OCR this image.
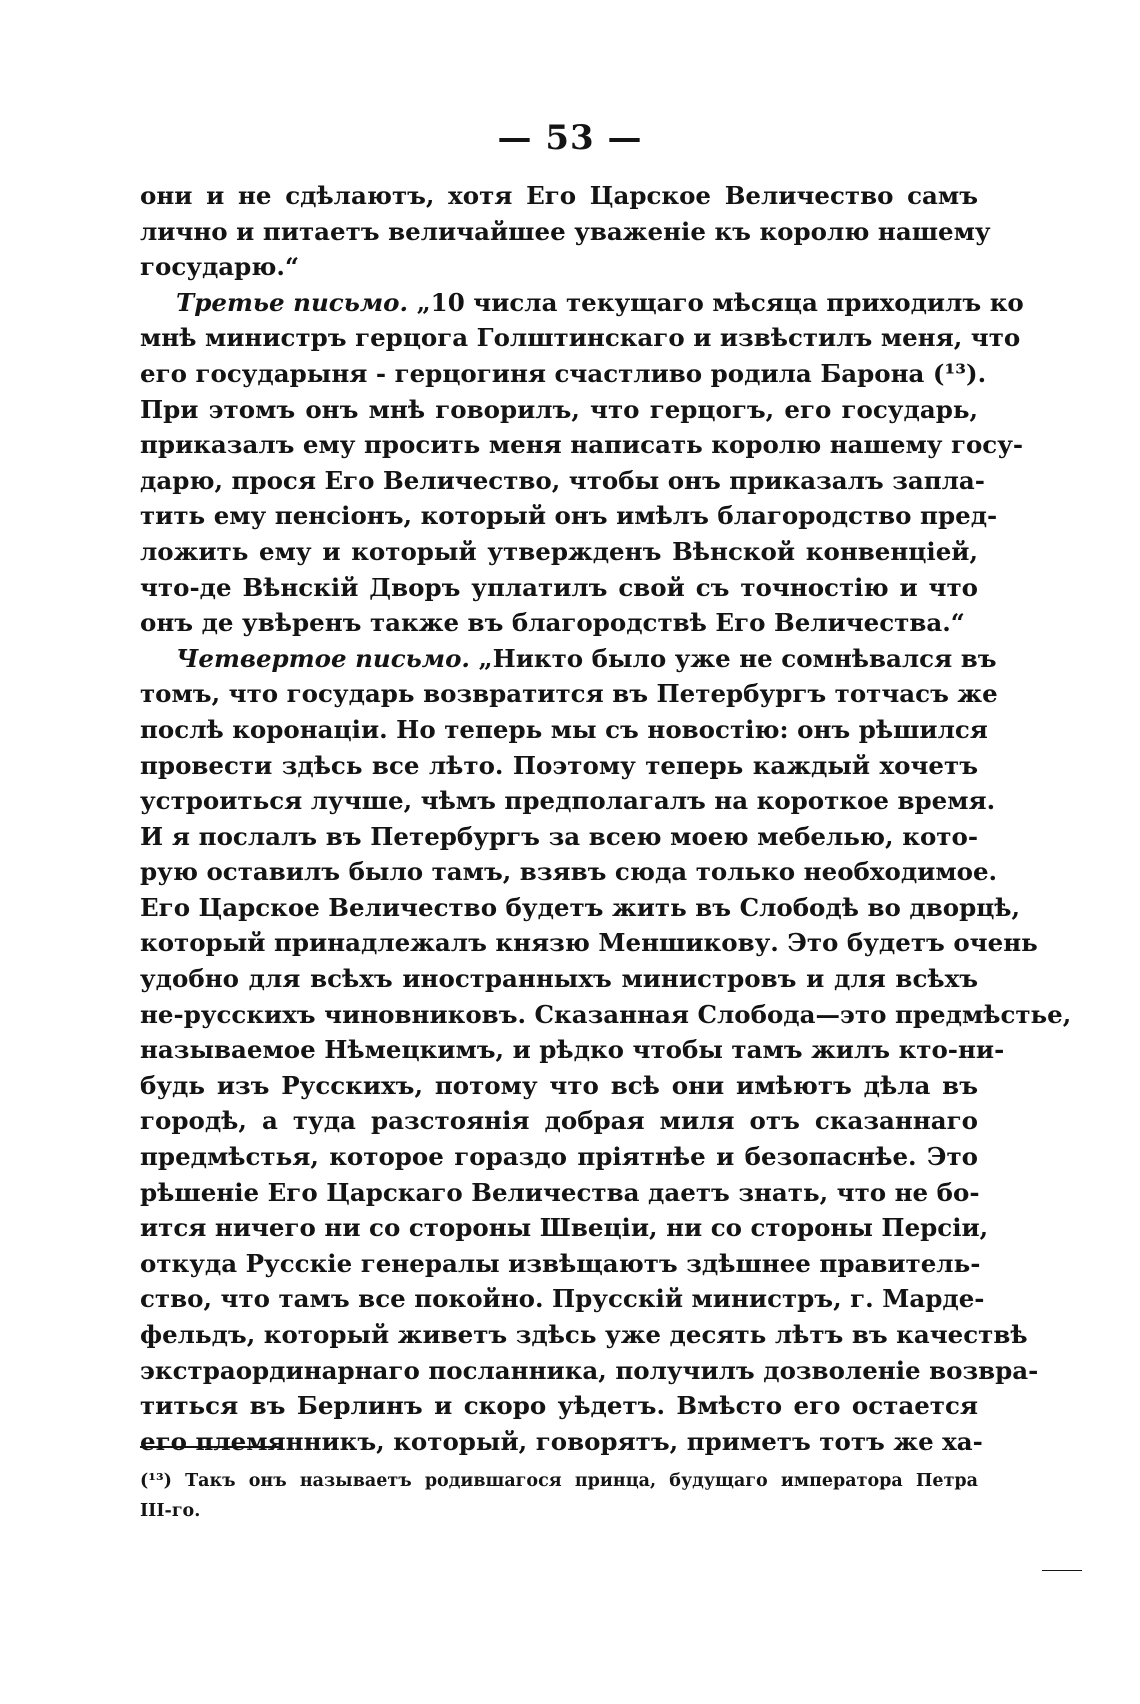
— 53 —
они и не сдѣлаютъ, хотя Его Царское Величество самъ
лично и питаетъ величайшее уваженіе къ королю нашему
государю.“
Третье письмо. „10 числа текущаго мѣсяца приходилъ ко
мнѣ министръ герцога Голштинскаго и извѣстилъ меня, что
его государыня - герцогиня счастливо родила Барона (¹³).
При этомъ онъ мнѣ говорилъ, что герцогъ, его государь,
приказалъ ему просить меня написать королю нашему госу-
дарю, прося Его Величество, чтобы онъ приказалъ запла-
тить ему пенсіонъ, который онъ имѣлъ благородство пред-
ложить ему и который утвержденъ Вѣнской конвенціей,
что-де Вѣнскій Дворъ уплатилъ свой съ точностію и что
онъ де увѣренъ также въ благородствѣ Его Величества.“
Четвертое письмо. „Никто было уже не сомнѣвался въ
томъ, что государь возвратится въ Петербургъ тотчасъ же
послѣ коронаціи. Но теперь мы съ новостію: онъ рѣшился
провести здѣсь все лѣто. Поэтому теперь каждый хочетъ
устроиться лучше, чѣмъ предполагалъ на короткое время.
И я послалъ въ Петербургъ за всею моею мебелью, кото-
рую оставилъ было тамъ, взявъ сюда только необходимое.
Его Царское Величество будетъ жить въ Слободѣ во дворцѣ,
который принадлежалъ князю Меншикову. Это будетъ очень
удобно для всѣхъ иностранныхъ министровъ и для всѣхъ
не-руcскихъ чиновниковъ. Сказанная Слобода—это предмѣстье,
называемое Нѣмецкимъ, и рѣдко чтобы тамъ жилъ кто-ни-
будь изъ Русскихъ, потому что всѣ они имѣютъ дѣла въ
городѣ, а туда разстоянія добрая миля отъ сказаннаго
предмѣстья, которое гораздо пріятнѣе и безопаснѣе. Это
рѣшеніе Его Царскаго Величества даетъ знать, что не бо-
ится ничего ни со стороны Швеціи, ни со стороны Персіи,
откуда Русскіе генералы извѣщаютъ здѣшнее правитель-
ство, что тамъ все покойно. Прусскій министръ, г. Марде-
фельдъ, который живетъ здѣсь уже десять лѣтъ въ качествѣ
экстраординарнаго посланника, получилъ дозволеніе возвра-
титься въ Берлинъ и скоро уѣдетъ. Вмѣсто его остается
его племянникъ, который, говорятъ, приметъ тотъ же ха-
(¹³) Такъ онъ называетъ родившагося принца, будущаго императора Петра
III-го.
